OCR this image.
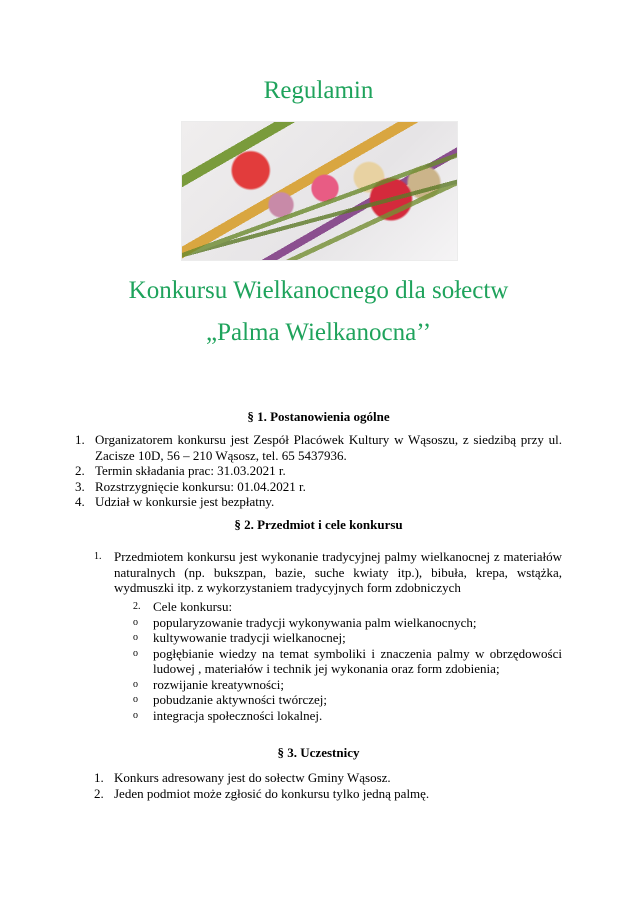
Regulamin
Konkursu Wielkanocnego dla sołectw
„Palma Wielkanocna’’
§ 1. Postanowienia ogólne
1. Organizatorem konkursu jest Zespół Placówek Kultury w Wąsoszu, z siedzibą przy ul.
Zacisze 10D, 56 – 210 Wąsosz, tel. 65 5437936.
2. Termin składania prac: 31.03.2021 r.
3. Rozstrzygnięcie konkursu: 01.04.2021 r.
4. Udział w konkursie jest bezpłatny.
§ 2. Przedmiot i cele konkursu
1. Przedmiotem konkursu jest wykonanie tradycyjnej palmy wielkanocnej z materiałów
naturalnych (np. bukszpan, bazie, suche kwiaty itp.), bibuła, krepa, wstążka,
wydmuszki itp. z wykorzystaniem tradycyjnych form zdobniczych
2. Cele konkursu:
o	popularyzowanie tradycji wykonywania palm wielkanocnych;
o	kultywowanie tradycji wielkanocnej;
o	pogłębianie wiedzy na temat symboliki i znaczenia palmy w obrzędowości
ludowej , materiałów i technik jej wykonania oraz form zdobienia;
o	rozwijanie kreatywności;
o	pobudzanie aktywności twórczej;
o	integracja społeczności lokalnej.
§ 3. Uczestnicy
1. Konkurs adresowany jest do sołectw Gminy Wąsosz.
2. Jeden podmiot może zgłosić do konkursu tylko jedną palmę.
